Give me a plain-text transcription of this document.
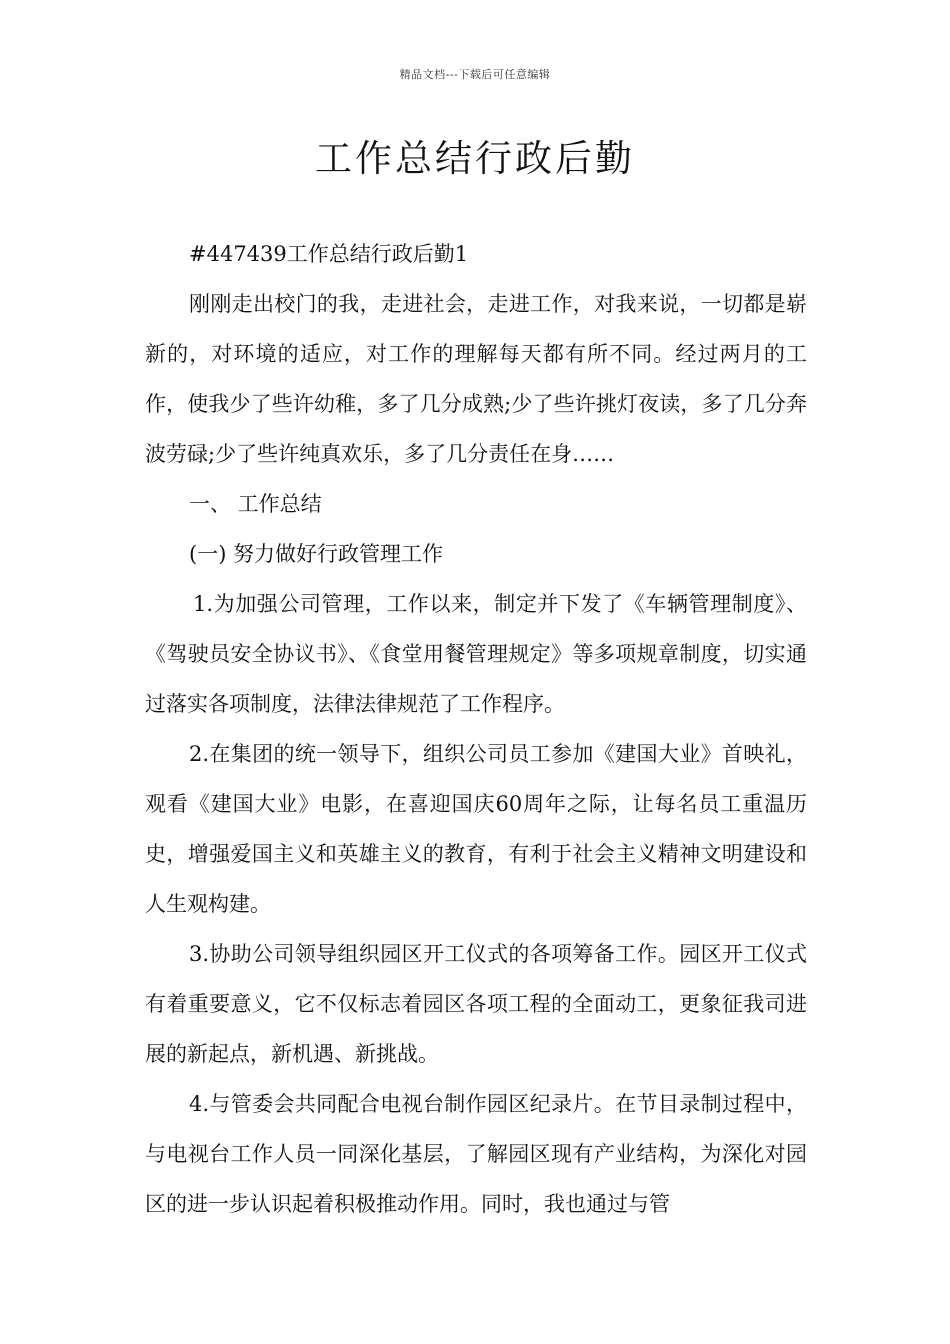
精品文档---下载后可任意编辑
工作总结行政后勤

#447439工作总结行政后勤1

刚刚走出校门的我，走进社会，走进工作，对我来说，一切都是崭新的，对环境的适应，对工作的理解每天都有所不同。经过两月的工作，使我少了些许幼稚，多了几分成熟;少了些许挑灯夜读，多了几分奔波劳碌;少了些许纯真欢乐，多了几分责任在身……

一、 工作总结

(一) 努力做好行政管理工作

1.为加强公司管理，工作以来，制定并下发了《车辆管理制度》、《驾驶员安全协议书》、《食堂用餐管理规定》等多项规章制度，切实通过落实各项制度，法律法律规范了工作程序。

2.在集团的统一领导下，组织公司员工参加《建国大业》首映礼，观看《建国大业》电影，在喜迎国庆60周年之际，让每名员工重温历史，增强爱国主义和英雄主义的教育，有利于社会主义精神文明建设和人生观构建。

3.协助公司领导组织园区开工仪式的各项筹备工作。园区开工仪式有着重要意义，它不仅标志着园区各项工程的全面动工，更象征我司进展的新起点，新机遇、新挑战。

4.与管委会共同配合电视台制作园区纪录片。在节目录制过程中，与电视台工作人员一同深化基层，了解园区现有产业结构，为深化对园区的进一步认识起着积极推动作用。同时，我也通过与管
